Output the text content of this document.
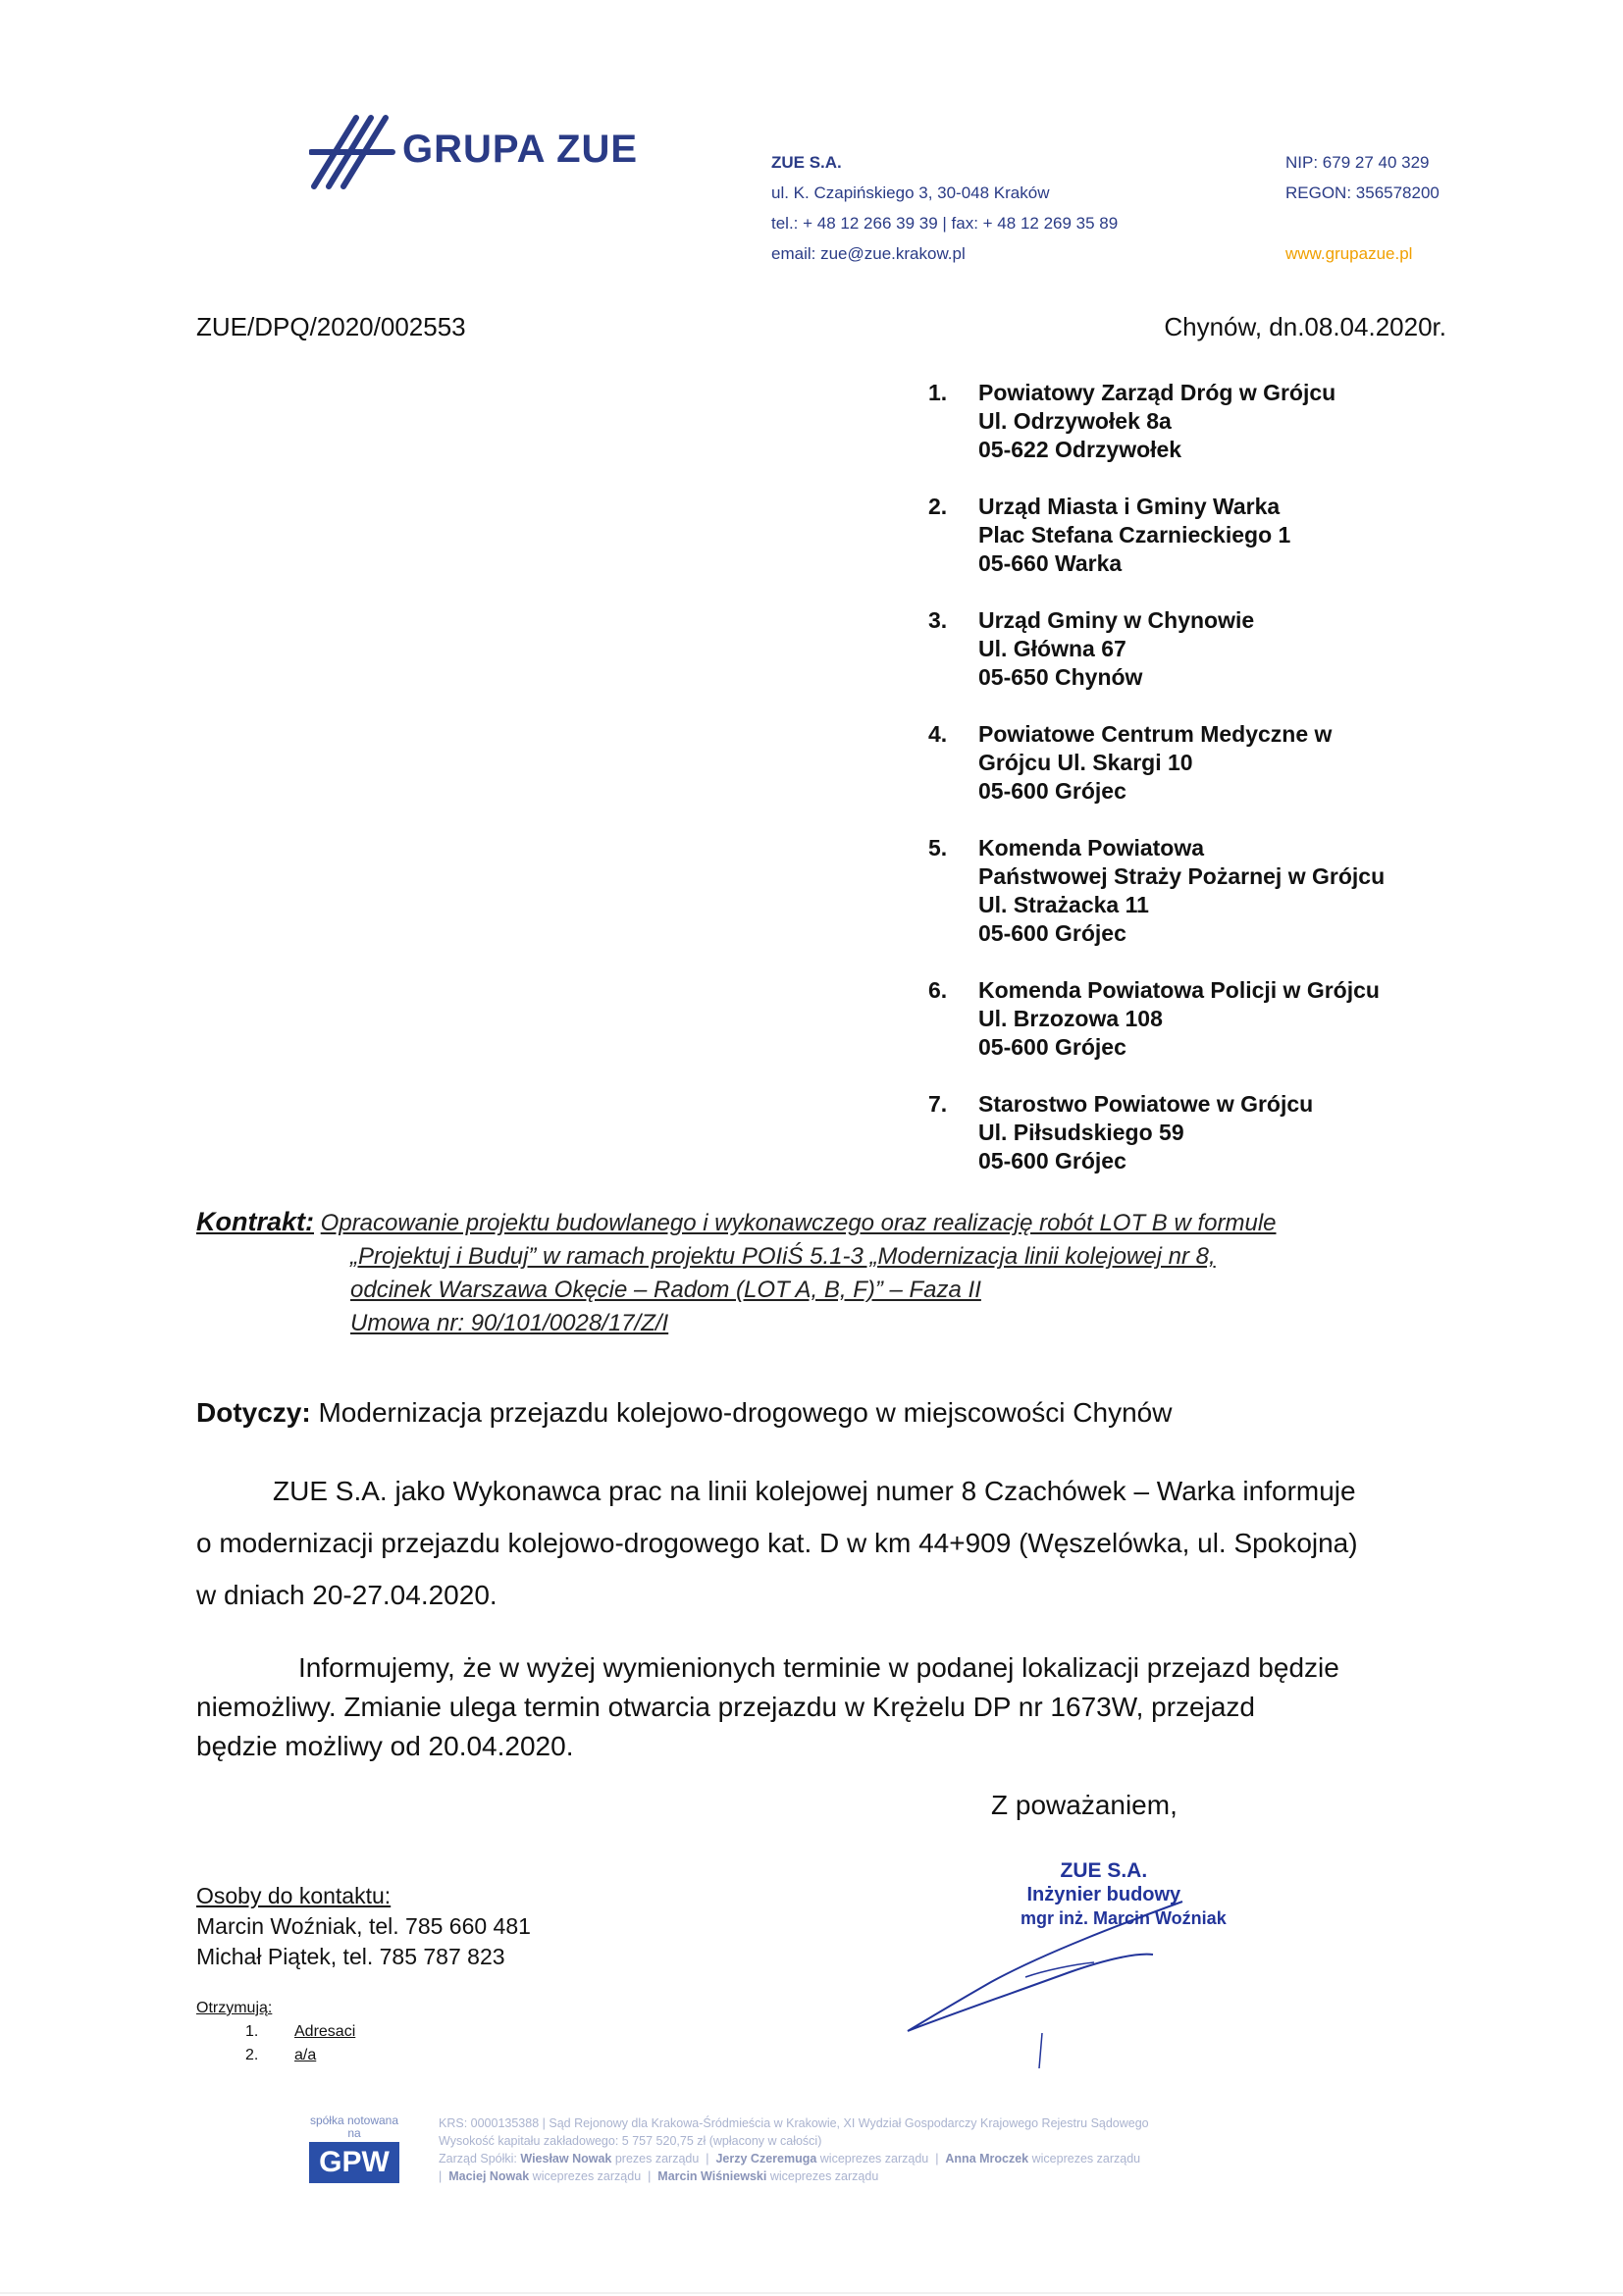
GRUPA ZUE	ZUE S.A.
ul. K. Czapińskiego 3, 30-048 Kraków
tel.: + 48 12 266 39 39 | fax: + 48 12 269 35 89
email: zue@zue.krakow.pl
NIP: 679 27 40 329
REGON: 356578200
www.grupazue.pl
ZUE/DPQ/2020/002553	Chynów, dn.08.04.2020r.
1. Powiatowy Zarząd Dróg w Grójcu
Ul. Odrzywołek 8a
05-622 Odrzywołek
2. Urząd Miasta i Gminy Warka
Plac Stefana Czarnieckiego 1
05-660 Warka
3. Urząd Gminy w Chynowie
Ul. Główna 67
05-650 Chynów
4. Powiatowe Centrum Medyczne w
Grójcu Ul. Skargi 10
05-600 Grójec
5. Komenda Powiatowa
Państwowej Straży Pożarnej w Grójcu
Ul. Strażacka 11
05-600 Grójec
6. Komenda Powiatowa Policji w Grójcu
Ul. Brzozowa 108
05-600 Grójec
7. Starostwo Powiatowe w Grójcu
Ul. Piłsudskiego 59
05-600 Grójec
Kontrakt: Opracowanie projektu budowlanego i wykonawczego oraz realizację robót LOT B w formule
„Projektuj i Buduj” w ramach projektu POIiŚ 5.1-3 „Modernizacja linii kolejowej nr 8,
odcinek Warszawa Okęcie – Radom (LOT A, B, F)” – Faza II
Umowa nr: 90/101/0028/17/Z/I
Dotyczy: Modernizacja przejazdu kolejowo-drogowego w miejscowości Chynów
ZUE S.A. jako Wykonawca prac na linii kolejowej numer 8 Czachówek – Warka informuje
o modernizacji przejazdu kolejowo-drogowego kat. D w km 44+909 (Węszelówka, ul. Spokojna)
w dniach 20-27.04.2020.
Informujemy, że w wyżej wymienionych terminie w podanej lokalizacji przejazd będzie
niemożliwy. Zmianie ulega termin otwarcia przejazdu w Krężelu DP nr 1673W, przejazd
będzie możliwy od 20.04.2020.
Z poważaniem,
Osoby do kontaktu:
Marcin Woźniak, tel. 785 660 481
Michał Piątek, tel. 785 787 823
Otrzymują:
1. Adresaci
2. a/a
ZUE S.A.
Inżynier budowy
mgr inż. Marcin Woźniak
spółka notowana na
GPW
KRS: 0000135388 | Sąd Rejonowy dla Krakowa-Śródmieścia w Krakowie, XI Wydział Gospodarczy Krajowego Rejestru Sądowego
Wysokość kapitału zakładowego: 5 757 520,75 zł (wpłacony w całości)
Zarząd Spółki: Wiesław Nowak prezes zarządu  |  Jerzy Czeremuga wiceprezes zarządu  |  Anna Mroczek wiceprezes zarządu
|  Maciej Nowak wiceprezes zarządu  |  Marcin Wiśniewski wiceprezes zarządu
